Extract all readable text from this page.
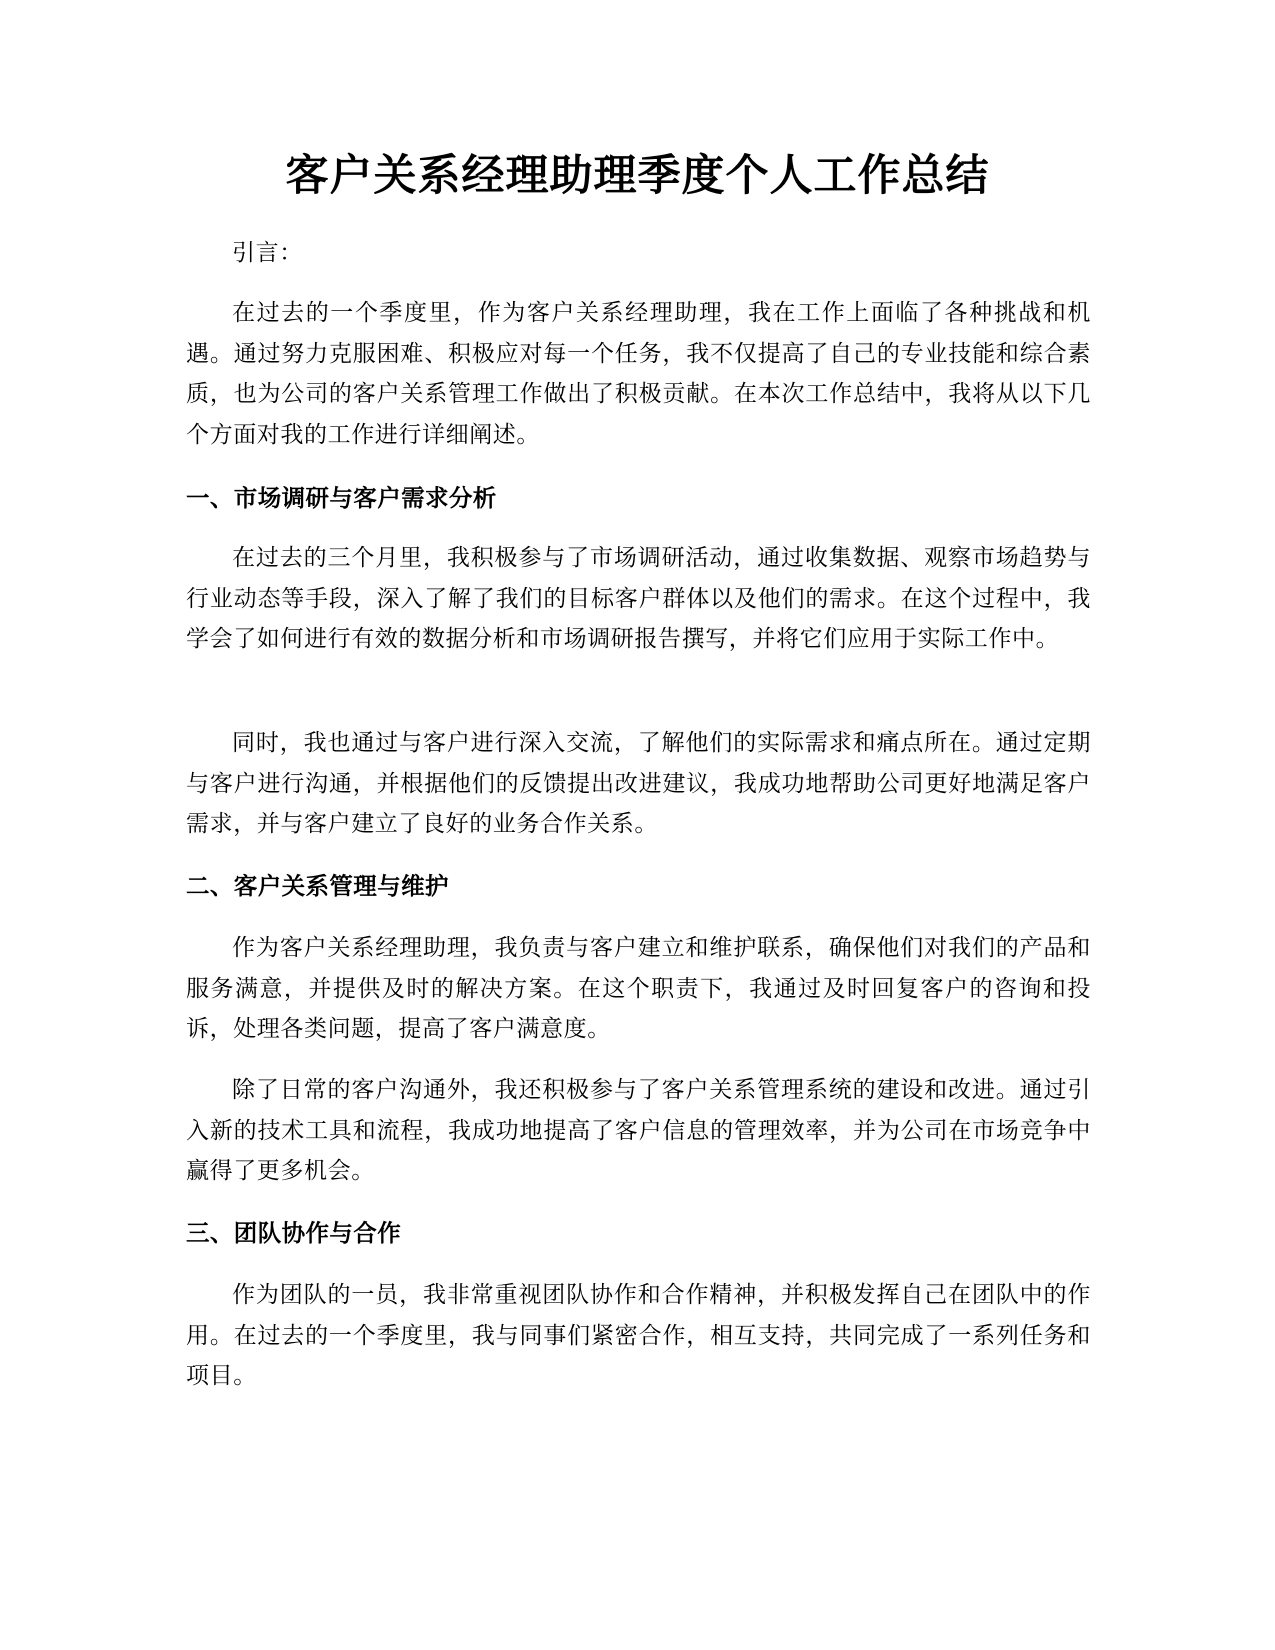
客户关系经理助理季度个人工作总结

引言：

在过去的一个季度里，作为客户关系经理助理，我在工作上面临了各种挑战和机遇。通过努力克服困难、积极应对每一个任务，我不仅提高了自己的专业技能和综合素质，也为公司的客户关系管理工作做出了积极贡献。在本次工作总结中，我将从以下几个方面对我的工作进行详细阐述。

一、市场调研与客户需求分析

在过去的三个月里，我积极参与了市场调研活动，通过收集数据、观察市场趋势与行业动态等手段，深入了解了我们的目标客户群体以及他们的需求。在这个过程中，我学会了如何进行有效的数据分析和市场调研报告撰写，并将它们应用于实际工作中。

同时，我也通过与客户进行深入交流，了解他们的实际需求和痛点所在。通过定期与客户进行沟通，并根据他们的反馈提出改进建议，我成功地帮助公司更好地满足客户需求，并与客户建立了良好的业务合作关系。

二、客户关系管理与维护

作为客户关系经理助理，我负责与客户建立和维护联系，确保他们对我们的产品和服务满意，并提供及时的解决方案。在这个职责下，我通过及时回复客户的咨询和投诉，处理各类问题，提高了客户满意度。

除了日常的客户沟通外，我还积极参与了客户关系管理系统的建设和改进。通过引入新的技术工具和流程，我成功地提高了客户信息的管理效率，并为公司在市场竞争中赢得了更多机会。

三、团队协作与合作

作为团队的一员，我非常重视团队协作和合作精神，并积极发挥自己在团队中的作用。在过去的一个季度里，我与同事们紧密合作，相互支持，共同完成了一系列任务和项目。
